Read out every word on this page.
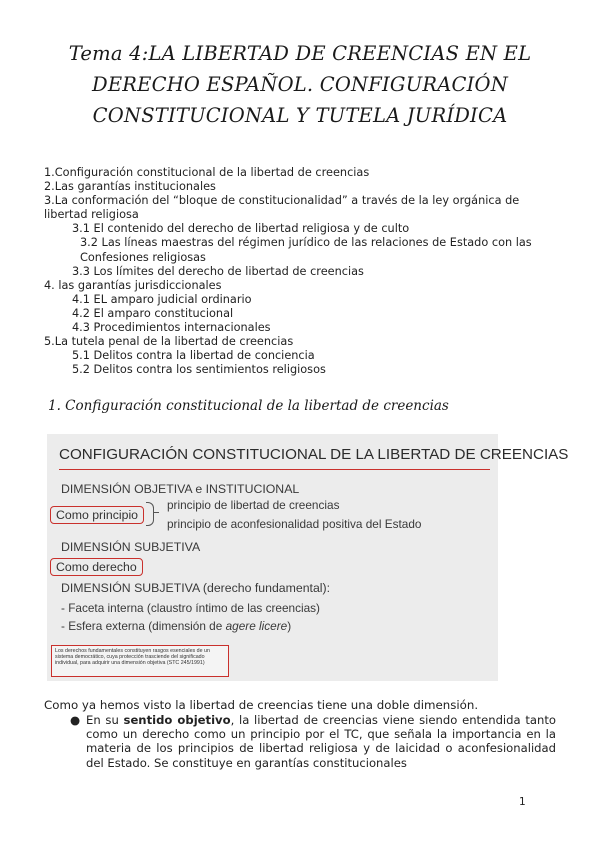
Tema 4:LA LIBERTAD DE CREENCIAS EN EL
DERECHO ESPAÑOL. CONFIGURACIÓN
CONSTITUCIONAL Y TUTELA JURÍDICA
1.Configuración constitucional de la libertad de creencias
2.Las garantías institucionales
3.La conformación del “bloque de constitucionalidad” a través de la ley orgánica de libertad religiosa
3.1 El contenido del derecho de libertad religiosa y de culto
3.2 Las líneas maestras del régimen jurídico de las relaciones de Estado con las Confesiones religiosas
3.3 Los límites del derecho de libertad de creencias
4. las garantías jurisdiccionales
4.1 EL amparo judicial ordinario
4.2 El amparo constitucional
4.3 Procedimientos internacionales
5.La tutela penal de la libertad de creencias
5.1 Delitos contra la libertad de conciencia
5.2 Delitos contra los sentimientos religiosos
1. Configuración constitucional de la libertad de creencias
CONFIGURACIÓN CONSTITUCIONAL DE LA LIBERTAD DE CREENCIAS
DIMENSIÓN OBJETIVA e INSTITUCIONAL
Como principio
principio de libertad de creencias
principio de aconfesionalidad positiva del Estado
DIMENSIÓN SUBJETIVA
Como derecho
DIMENSIÓN SUBJETIVA (derecho fundamental):
- Faceta interna (claustro íntimo de las creencias)
- Esfera externa (dimensión de agere licere)
Los derechos fundamentales constituyen rasgos esenciales de un sistema democrático, cuya protección trasciende del significado individual, para adquirir una dimensión objetiva (STC 245/1991)
Como ya hemos visto la libertad de creencias tiene una doble dimensión.
● En su sentido objetivo, la libertad de creencias viene siendo entendida tanto como un derecho como un principio por el TC, que señala la importancia en la materia de los principios de libertad religiosa y de laicidad o aconfesionalidad del Estado. Se constituye en garantías constitucionales
1
